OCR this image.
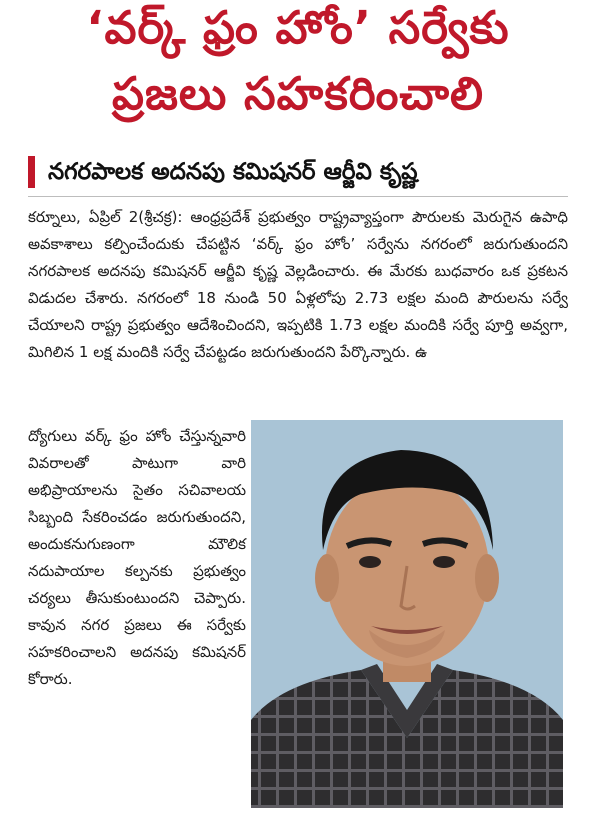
‘వర్క్ ఫ్రం హోం’ సర్వేకు
ప్రజలు సహకరించాలి
నగరపాలక అదనపు కమిషనర్ ఆర్జీవి కృష్ణ

కర్నూలు, ఏప్రిల్ 2(శ్రీచక్ర): ఆంధ్రప్రదేశ్ ప్రభుత్వం రాష్ట్రవ్యాప్తంగా పౌరులకు మెరుగైన ఉపాధి అవకాశాలు కల్పించేందుకు చేపట్టిన ‘వర్క్ ఫ్రం హోం’ సర్వేను నగరంలో జరుగుతుందని నగరపాలక అదనపు కమిషనర్ ఆర్జీవి కృష్ణ వెల్లడించారు. ఈ మేరకు బుధవారం ఒక ప్రకటన విడుదల చేశారు. నగరంలో 18 నుండి 50 ఏళ్లలోపు 2.73 లక్షల మంది పౌరులను సర్వే చేయాలని రాష్ట్ర ప్రభుత్వం ఆదేశించిందని, ఇప్పటికి 1.73 లక్షల మందికి సర్వే పూర్తి అవ్వగా, మిగిలిన 1 లక్ష మందికి సర్వే చేపట్టడం జరుగుతుందని పేర్కొన్నారు. ఉ

ద్యోగులు వర్క్ ఫ్రం హోం చేస్తున్నవారి వివరాలతో పాటుగా వారి అభిప్రాయాలను సైతం సచివాలయ సిబ్బంది సేకరించడం జరుగుతుందని, అందుకనుగుణంగా మౌలిక నదుపాయాల కల్పనకు ప్రభుత్వం చర్యలు తీసుకుంటుందని చెప్పారు. కావున నగర ప్రజలు ఈ సర్వేకు సహకరించాలని అదనపు కమిషనర్ కోరారు.
